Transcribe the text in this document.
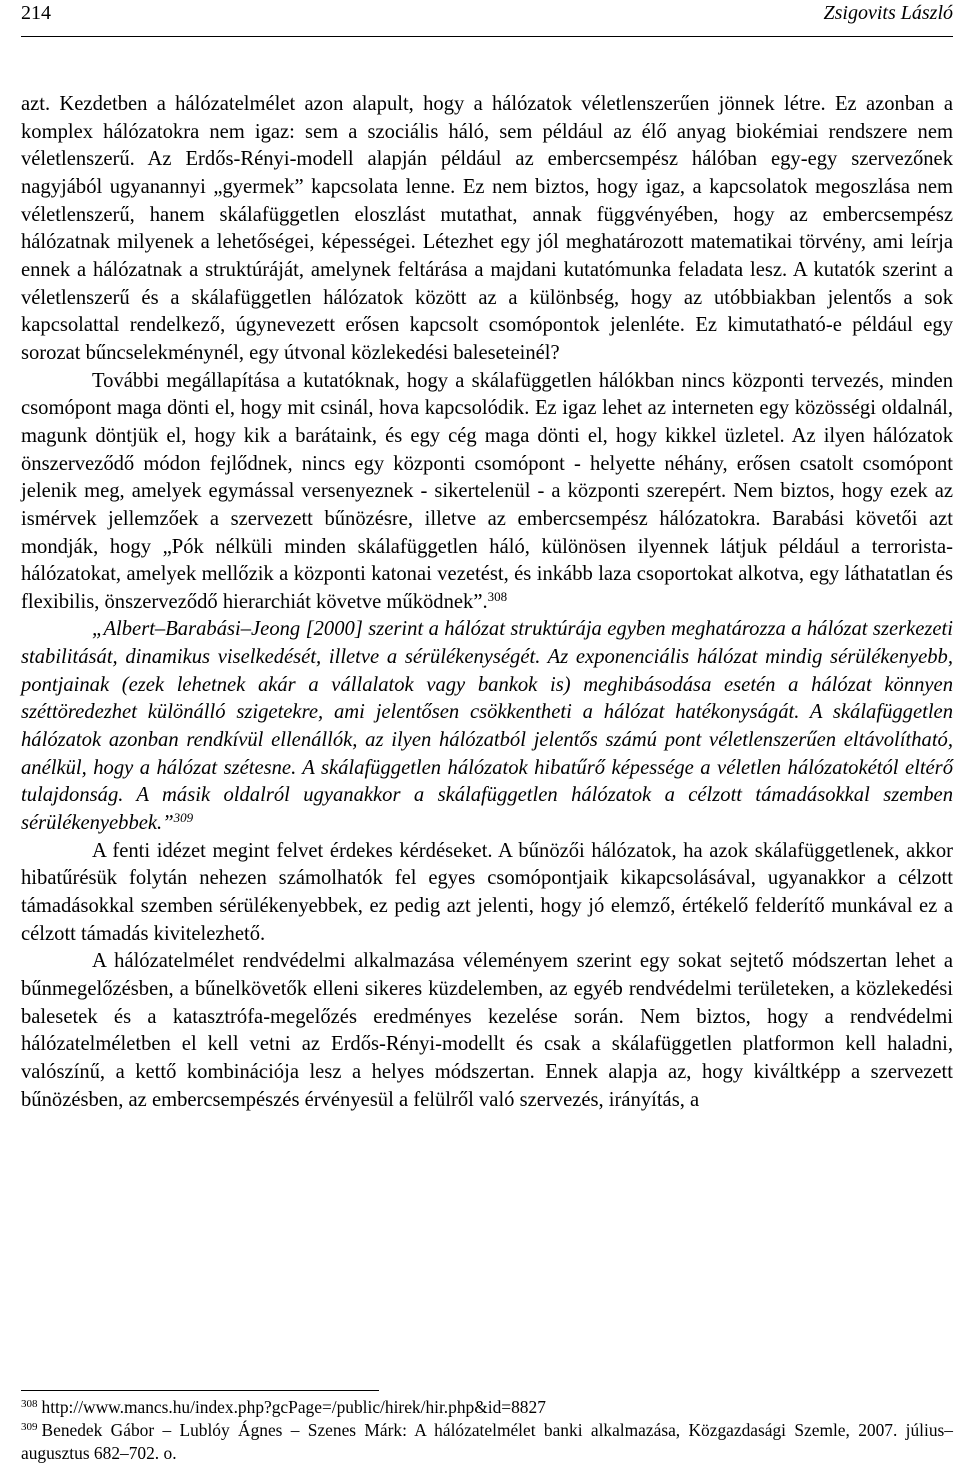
214	Zsigovits László

azt. Kezdetben a hálózatelmélet azon alapult, hogy a hálózatok véletlenszerűen jönnek létre. Ez azonban a komplex hálózatokra nem igaz: sem a szociális háló, sem például az élő anyag biokémiai rendszere nem véletlenszerű. Az Erdős-Rényi-modell alapján például az embercsempész hálóban egy-egy szervezőnek nagyjából ugyanannyi „gyermek” kapcsolata lenne. Ez nem biztos, hogy igaz, a kapcsolatok megoszlása nem véletlenszerű, hanem skálafüggetlen eloszlást mutathat, annak függvényében, hogy az embercsempész hálózatnak milyenek a lehetőségei, képességei. Létezhet egy jól meghatározott matematikai törvény, ami leírja ennek a hálózatnak a struktúráját, amelynek feltárása a majdani kutatómunka feladata lesz. A kutatók szerint a véletlenszerű és a skálafüggetlen hálózatok között az a különbség, hogy az utóbbiakban jelentős a sok kapcsolattal rendelkező, úgynevezett erősen kapcsolt csomópontok jelenléte. Ez kimutatható-e például egy sorozat bűncselekménynél, egy útvonal közlekedési baleseteinél?

További megállapítása a kutatóknak, hogy a skálafüggetlen hálókban nincs központi tervezés, minden csomópont maga dönti el, hogy mit csinál, hova kapcsolódik. Ez igaz lehet az interneten egy közösségi oldalnál, magunk döntjük el, hogy kik a barátaink, és egy cég maga dönti el, hogy kikkel üzletel. Az ilyen hálózatok önszerveződő módon fejlődnek, nincs egy központi csomópont - helyette néhány, erősen csatolt csomópont jelenik meg, amelyek egymással versenyeznek - sikertelenül - a központi szerepért. Nem biztos, hogy ezek az ismérvek jellemzőek a szervezett bűnözésre, illetve az embercsempész hálózatokra. Barabási követői azt mondják, hogy „Pók nélküli minden skálafüggetlen háló, különösen ilyennek látjuk például a terrorista- hálózatokat, amelyek mellőzik a központi katonai vezetést, és inkább laza csoportokat alkotva, egy láthatatlan és flexibilis, önszerveződő hierarchiát követve működnek”.$^{308}$

„Albert–Barabási–Jeong [2000] szerint a hálózat struktúrája egyben meghatározza a hálózat szerkezeti stabilitását, dinamikus viselkedését, illetve a sérülékenységét. Az exponenciális hálózat mindig sérülékenyebb, pontjainak (ezek lehetnek akár a vállalatok vagy bankok is) meghibásodása esetén a hálózat könnyen széttöredezhet különálló szigetekre, ami jelentősen csökkentheti a hálózat hatékonyságát. A skálafüggetlen hálózatok azonban rendkívül ellenállók, az ilyen hálózatból jelentős számú pont véletlenszerűen eltávolítható, anélkül, hogy a hálózat szétesne. A skálafüggetlen hálózatok hibatűrő képessége a véletlen hálózatokétól eltérő tulajdonság. A másik oldalról ugyanakkor a skálafüggetlen hálózatok a célzott támadásokkal szemben sérülékenyebbek.”$^{309}$

A fenti idézet megint felvet érdekes kérdéseket. A bűnözői hálózatok, ha azok skálafüggetlenek, akkor hibatűrésük folytán nehezen számolhatók fel egyes csomópontjaik kikapcsolásával, ugyanakkor a célzott támadásokkal szemben sérülékenyebbek, ez pedig azt jelenti, hogy jó elemző, értékelő felderítő munkával ez a célzott támadás kivitelezhető.

A hálózatelmélet rendvédelmi alkalmazása véleményem szerint egy sokat sejtető módszertan lehet a bűnmegelőzésben, a bűnelkövetők elleni sikeres küzdelemben, az egyéb rendvédelmi területeken, a közlekedési balesetek és a katasztrófa-megelőzés eredményes kezelése során. Nem biztos, hogy a rendvédelmi hálózatelméletben el kell vetni az Erdős-Rényi-modellt és csak a skálafüggetlen platformon kell haladni, valószínű, a kettő kombinációja lesz a helyes módszertan. Ennek alapja az, hogy kiváltképp a szervezett bűnözésben, az embercsempészés érvényesül a felülről való szervezés, irányítás, a

$^{308}$ http://www.mancs.hu/index.php?gcPage=/public/hirek/hir.php&id=8827

$^{309}$ Benedek Gábor – Lublóy Ágnes – Szenes Márk: A hálózatelmélet banki alkalmazása, Közgazdasági Szemle, 2007. július–augusztus 682–702. o.
